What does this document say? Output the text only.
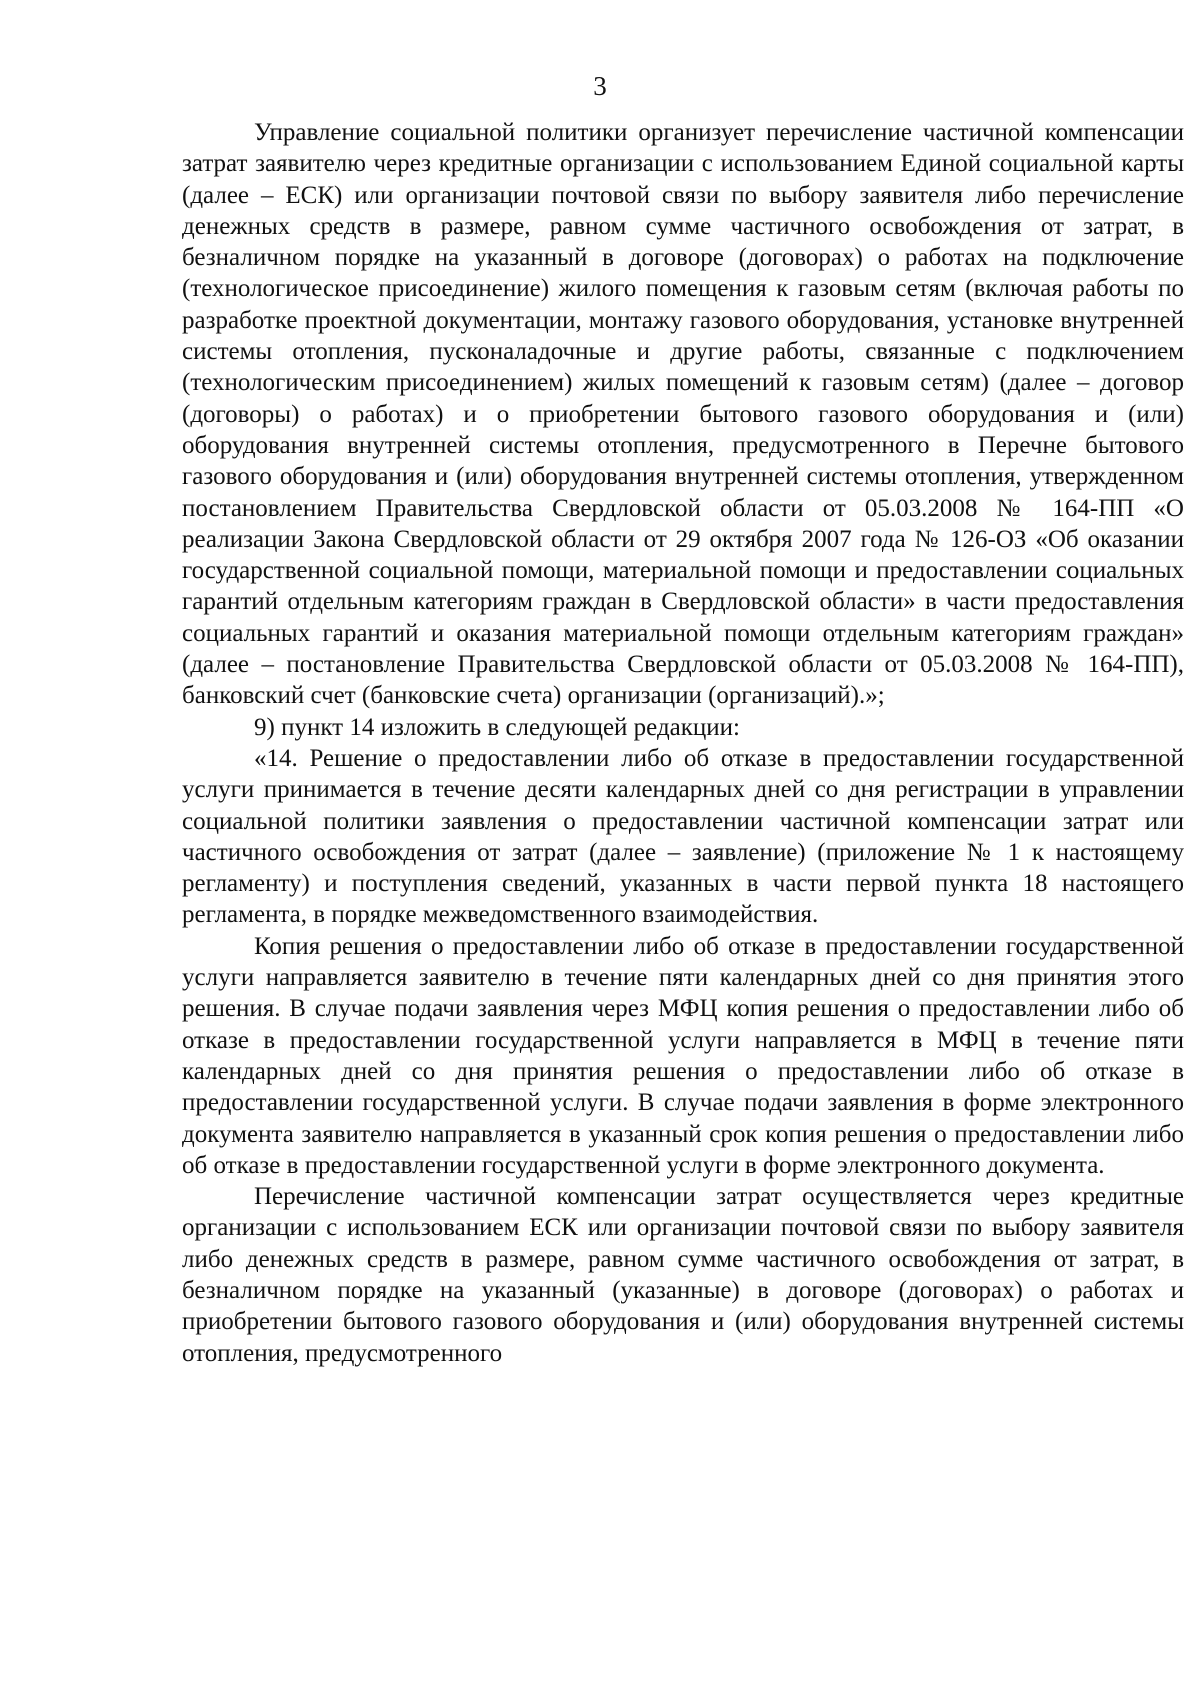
3

Управление социальной политики организует перечисление частичной компенсации затрат заявителю через кредитные организации с использованием Единой социальной карты (далее – ЕСК) или организации почтовой связи по выбору заявителя либо перечисление денежных средств в размере, равном сумме частичного освобождения от затрат, в безналичном порядке на указанный в договоре (договорах) о работах на подключение (технологическое присоединение) жилого помещения к газовым сетям (включая работы по разработке проектной документации, монтажу газового оборудования, установке внутренней системы отопления, пусконаладочные и другие работы, связанные с подключением (технологическим присоединением) жилых помещений к газовым сетям) (далее – договор (договоры) о работах) и о приобретении бытового газового оборудования и (или) оборудования внутренней системы отопления, предусмотренного в Перечне бытового газового оборудования и (или) оборудования внутренней системы отопления, утвержденном постановлением Правительства Свердловской области от 05.03.2008 № 164-ПП «О реализации Закона Свердловской области от 29 октября 2007 года № 126-ОЗ «Об оказании государственной социальной помощи, материальной помощи и предоставлении социальных гарантий отдельным категориям граждан в Свердловской области» в части предоставления социальных гарантий и оказания материальной помощи отдельным категориям граждан» (далее – постановление Правительства Свердловской области от 05.03.2008 № 164-ПП), банковский счет (банковские счета) организации (организаций).»;

9) пункт 14 изложить в следующей редакции:

«14. Решение о предоставлении либо об отказе в предоставлении государственной услуги принимается в течение десяти календарных дней со дня регистрации в управлении социальной политики заявления о предоставлении частичной компенсации затрат или частичного освобождения от затрат (далее – заявление) (приложение № 1 к настоящему регламенту) и поступления сведений, указанных в части первой пункта 18 настоящего регламента, в порядке межведомственного взаимодействия.

Копия решения о предоставлении либо об отказе в предоставлении государственной услуги направляется заявителю в течение пяти календарных дней со дня принятия этого решения. В случае подачи заявления через МФЦ копия решения о предоставлении либо об отказе в предоставлении государственной услуги направляется в МФЦ в течение пяти календарных дней со дня принятия решения о предоставлении либо об отказе в предоставлении государственной услуги. В случае подачи заявления в форме электронного документа заявителю направляется в указанный срок копия решения о предоставлении либо об отказе в предоставлении государственной услуги в форме электронного документа.

Перечисление частичной компенсации затрат осуществляется через кредитные организации с использованием ЕСК или организации почтовой связи по выбору заявителя либо денежных средств в размере, равном сумме частичного освобождения от затрат, в безналичном порядке на указанный (указанные) в договоре (договорах) о работах и приобретении бытового газового оборудования и (или) оборудования внутренней системы отопления, предусмотренного
